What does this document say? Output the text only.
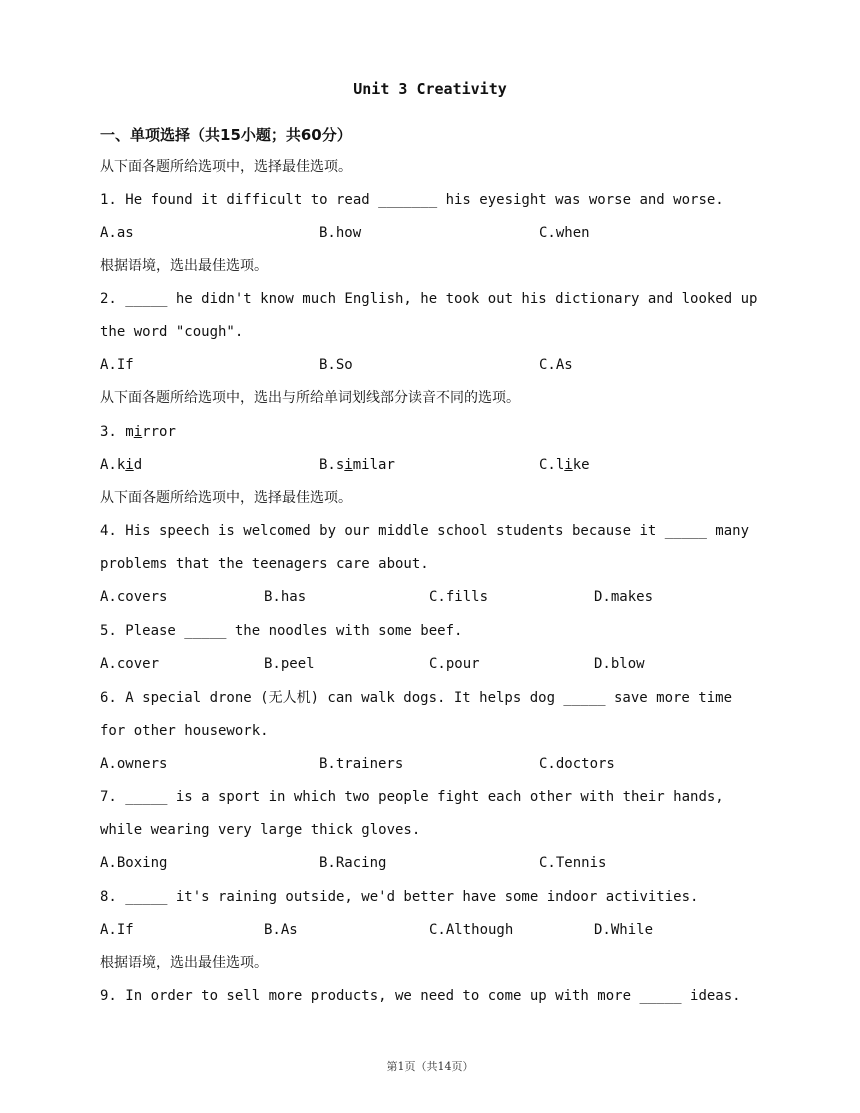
Unit 3 Creativity
一、单项选择（共15小题；共60分）
从下面各题所给选项中，选择最佳选项。
1. He found it difficult to read _______ his eyesight was worse and worse.
A.as	B.how	C.when
根据语境，选出最佳选项。
2. _____ he didn't know much English, he took out his dictionary and looked up
the word "cough".
A.If	B.So	C.As
从下面各题所给选项中，选出与所给单词划线部分读音不同的选项。
3. mirror
A.kid	B.similar	C.like
从下面各题所给选项中，选择最佳选项。
4. His speech is welcomed by our middle school students because it _____ many
problems that the teenagers care about.
A.covers	B.has	C.fills	D.makes
5. Please _____ the noodles with some beef.
A.cover	B.peel	C.pour	D.blow
6. A special drone (无人机) can walk dogs. It helps dog _____ save more time
for other housework.
A.owners	B.trainers	C.doctors
7. _____ is a sport in which two people fight each other with their hands,
while wearing very large thick gloves.
A.Boxing	B.Racing	C.Tennis
8. _____ it's raining outside, we'd better have some indoor activities.
A.If	B.As	C.Although	D.While
根据语境，选出最佳选项。
9. In order to sell more products, we need to come up with more _____ ideas.
第1页（共14页）
